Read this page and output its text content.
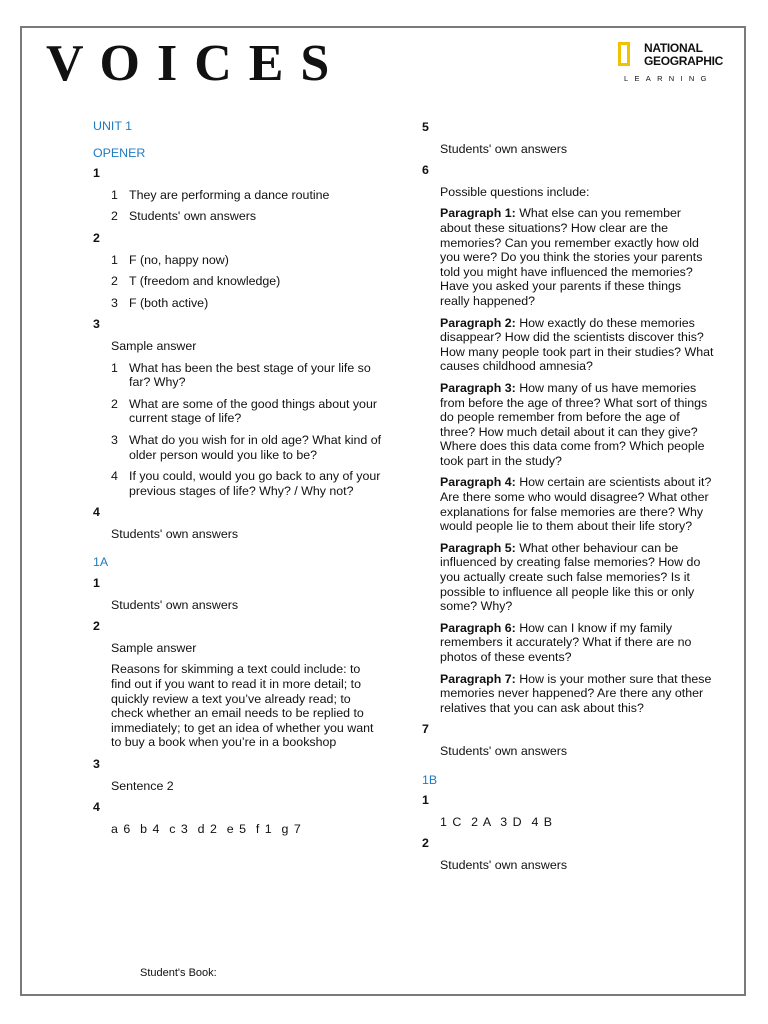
VOICES	NATIONAL
GEOGRAPHIC
LEARNING
UNIT 1
OPENER
1
1 They are performing a dance routine
2 Students' own answers
2
1 F (no, happy now)
2 T (freedom and knowledge)
3 F (both active)
3
Sample answer
1 What has been the best stage of your life so far? Why?
2 What are some of the good things about your current stage of life?
3 What do you wish for in old age? What kind of older person would you like to be?
4 If you could, would you go back to any of your previous stages of life? Why? / Why not?
4
Students' own answers
1A
1
Students' own answers
2
Sample answer
Reasons for skimming a text could include: to find out if you want to read it in more detail; to quickly review a text you’ve already read; to check whether an email needs to be replied to immediately; to get an idea of whether you want to buy a book when you’re in a bookshop
3
Sentence 2
4
a 6  b 4  c 3  d 2  e 5  f 1  g 7
5
Students' own answers
6
Possible questions include:
Paragraph 1: What else can you remember about these situations? How clear are the memories? Can you remember exactly how old you were? Do you think the stories your parents told you might have influenced the memories? Have you asked your parents if these things really happened?
Paragraph 2: How exactly do these memories disappear? How did the scientists discover this? How many people took part in their studies? What causes childhood amnesia?
Paragraph 3: How many of us have memories from before the age of three? What sort of things do people remember from before the age of three? How much detail about it can they give? Where does this data come from? Which people took part in the study?
Paragraph 4: How certain are scientists about it? Are there some who would disagree? What other explanations for false memories are there? Why would people lie to them about their life story?
Paragraph 5: What other behaviour can be influenced by creating false memories? How do you actually create such false memories? Is it possible to influence all people like this or only some? Why?
Paragraph 6: How can I know if my family remembers it accurately? What if there are no photos of these events?
Paragraph 7: How is your mother sure that these memories never happened? Are there any other relatives that you can ask about this?
7
Students' own answers
1B
1
1 C  2 A  3 D  4 B
2
Students' own answers
Student's Book:
